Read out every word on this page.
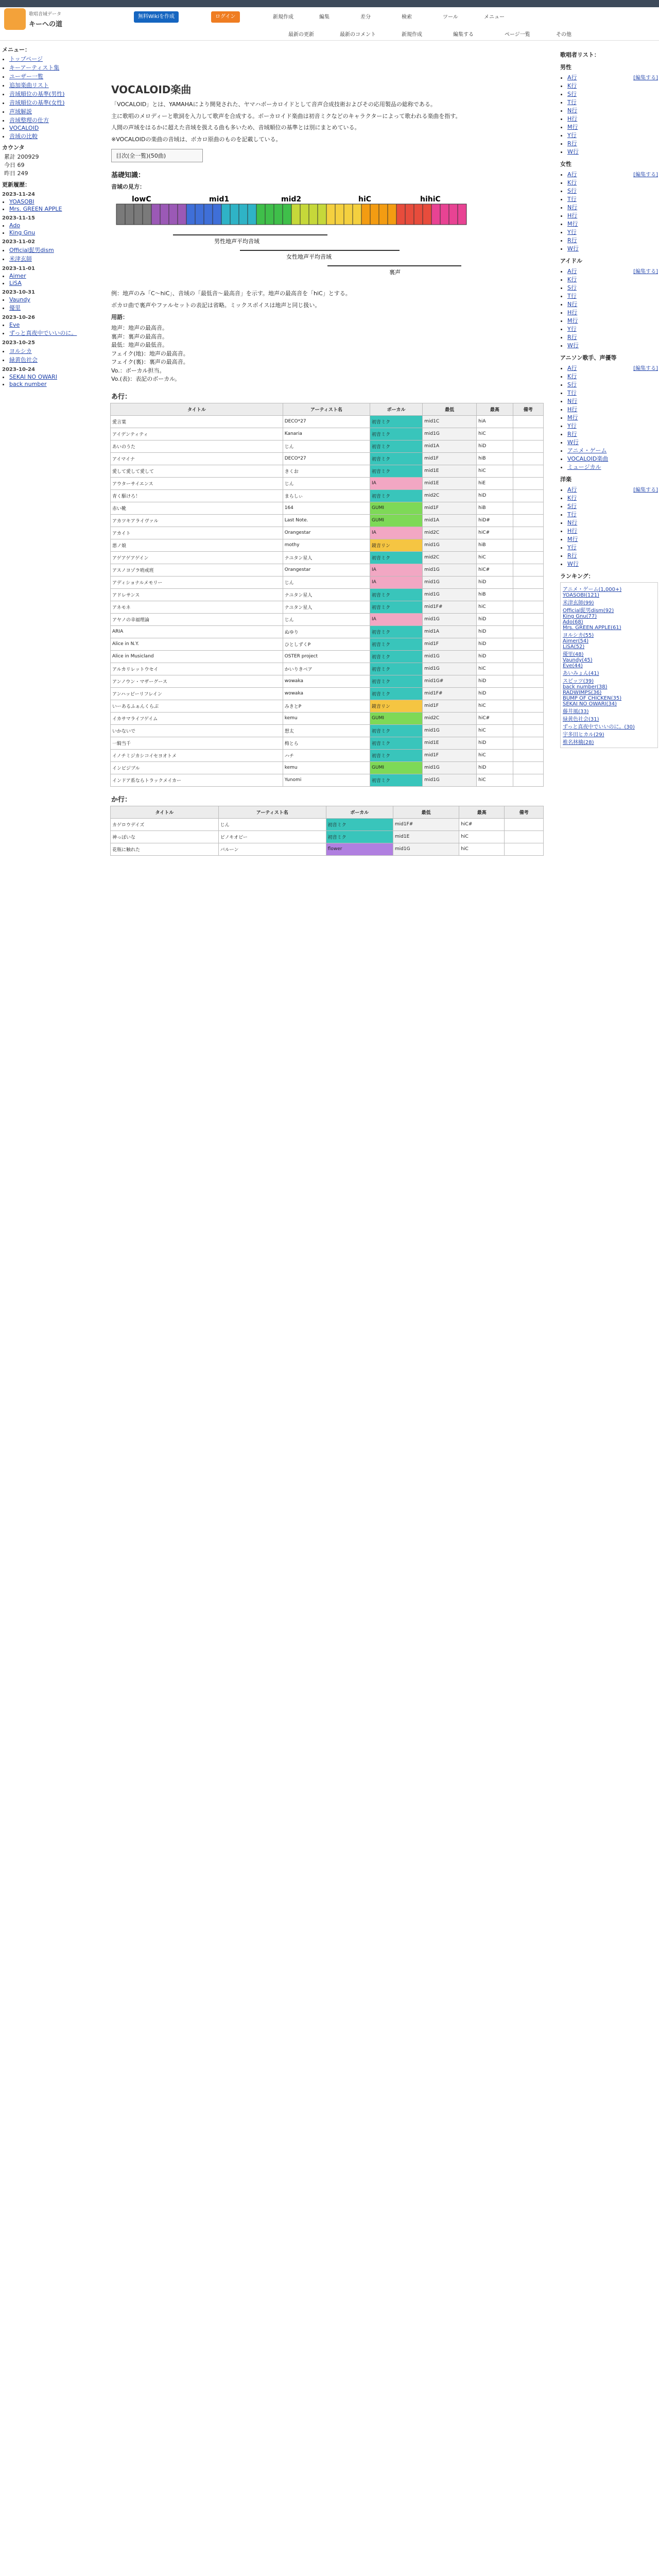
歌唱音域データ
キーへの道
無料Wikiを作成	ログイン	新規作成	編集	差分	検索	ツール	メニュー
最新の更新	最新のコメント	新規作成	編集する	ページ一覧	その他
メニュー：
• トップページ
• キーアーティスト集
• ユーザー一覧
• 追加楽曲リスト
• 音域順位の基準(男性)
• 音域順位の基準(女性)
• 声域解説
• 音域整理の仕方
• VOCALOID
• 音域の比較
カウンタ
累計 200929
今日 69
昨日 249
更新履歴：
2023-11-24
• YOASOBI
• Mrs. GREEN APPLE
2023-11-15
• Ado
• King Gnu
2023-11-02
• Official髭男dism
• 米津玄師
2023-11-01
• Aimer
• LiSA
2023-10-31
• Vaundy
• 優里
2023-10-26
• Eve
• ずっと真夜中でいいのに。
2023-10-25
• ヨルシカ
• 緑黄色社会
2023-10-24
• SEKAI NO OWARI
• back number
VOCALOID楽曲

「VOCALOID」とは、YAMAHAにより開発された、ヤマハボーカロイドとして音声合成技術およびその応用製品の総称である。

主に歌唱のメロディーと歌詞を入力して歌声を合成する。ボーカロイド楽曲は初音ミクなどのキャラクターによって歌われる楽曲を指す。

人間の声域をはるかに超えた音域を扱える曲も多いため、音域順位の基準とは別にまとめている。

※VOCALOIDの楽曲の音域は、ボカロ原曲のものを記載している。

目次(全一覧)(50曲)
基礎知識：
音域の見方：
lowC	mid1	mid2	hiC	hihiC
男性地声平均音域
女性地声平均音域
裏声

例：地声のみ「C～hiC」、音域の「最低音～最高音」を示す。地声の最高音を「hiC」とする。

ボカロ曲で裏声やファルセットの表記は省略。ミックスボイスは地声と同じ扱い。

用語：
地声：地声の最高音。
裏声：裏声の最高音。
最低：地声の最低音。
フェイク(地)：地声の最高音。
フェイク(裏)：裏声の最高音。
Vo.：ボーカル担当。
Vo.(表)：表記のボーカル。
あ行：
タイトル	アーティスト名	ボーカル	最低	最高	備考
愛言葉	DECO*27	初音ミク	mid1C	hiA	
アイデンティティ	Kanaria	初音ミク	mid1G	hiC	
あいのうた	じん	初音ミク	mid1A	hiD	
アイマイナ	DECO*27	初音ミク	mid1F	hiB	
愛して愛して愛して	きくお	初音ミク	mid1E	hiC	
アウターサイエンス	じん	IA	mid1E	hiE	
青く駆けろ！	まらしぃ	初音ミク	mid2C	hiD	
赤い靴	164	GUMI	mid1F	hiB	
アカツキアライヴァル	Last Note.	GUMI	mid1A	hiD#	
アカイト	Orangestar	IA	mid2C	hiC#	
悪ノ娘	mothy	鏡音リン	mid1G	hiB	
アゲアゲアゲイン	ナユタン星人	初音ミク	mid2C	hiC	
アスノヨゾラ哨戒班	Orangestar	IA	mid1G	hiC#	
アディショナルメモリー	じん	IA	mid1G	hiD	
アドレサンス	ナユタン星人	初音ミク	mid1G	hiB	
アネモネ	ナユタン星人	初音ミク	mid1F#	hiC	
アヤノの幸福理論	じん	IA	mid1G	hiD	
ARIA	ぬゆり	初音ミク	mid1A	hiD	
Alice in N.Y.	ひとしずくP	初音ミク	mid1F	hiD	
Alice in Musicland	OSTER project	初音ミク	mid1G	hiD	
アルカリレットウセイ	かいりきベア	初音ミク	mid1G	hiC	
アンノウン・マザーグース	wowaka	初音ミク	mid1G#	hiD	
アンハッピーリフレイン	wowaka	初音ミク	mid1F#	hiD	
いーあるふぁんくらぶ	みきとP	鏡音リン	mid1F	hiC	
イカサマライフゲイム	kemu	GUMI	mid2C	hiC#	
いかないで	想太	初音ミク	mid1G	hiC	
一騎当千	梅とら	初音ミク	mid1E	hiD	
イノチミジカシコイセヨオトメ	ハチ	初音ミク	mid1F	hiC	
インビジブル	kemu	GUMI	mid1G	hiD	
インドア系ならトラックメイカー	Yunomi	初音ミク	mid1G	hiC	
か行：
タイトル	アーティスト名	ボーカル	最低	最高	備考
カゲロウデイズ	じん	初音ミク	mid1F#	hiC#	
神っぽいな	ピノキオピー	初音ミク	mid1E	hiC	
花瓶に触れた	バルーン	flower	mid1G	hiC	
歌唱者リスト：
男性
[編集する]
• A行
• K行
• S行
• T行
• N行
• H行
• M行
• Y行
• R行
• W行
女性
[編集する]
• A行
• K行
• S行
• T行
• N行
• H行
• M行
• Y行
• R行
• W行
アイドル
[編集する]
• A行
• K行
• S行
• T行
• N行
• H行
• M行
• Y行
• R行
• W行
アニソン歌手、声優等
[編集する]
• A行
• K行
• S行
• T行
• N行
• H行
• M行
• Y行
• R行
• W行
• アニメ・ゲーム
• VOCALOID楽曲
• ミュージカル
洋楽
[編集する]
• A行
• K行
• S行
• T行
• N行
• H行
• M行
• Y行
• R行
• W行
ランキング：
アニメ・ゲーム(1,000+)
YOASOBI(121)
米津玄師(99)
Official髭男dism(92)
King Gnu(77)
Ado(68)
Mrs. GREEN APPLE(61)
ヨルシカ(55)
Aimer(54)
LiSA(52)
優里(48)
Vaundy(45)
Eve(44)
あいみょん(41)
スピッツ(39)
back number(38)
RADWIMPS(36)
BUMP OF CHICKEN(35)
SEKAI NO OWARI(34)
藤井風(33)
緑黄色社会(31)
ずっと真夜中でいいのに。(30)
宇多田ヒカル(29)
椎名林檎(28)
